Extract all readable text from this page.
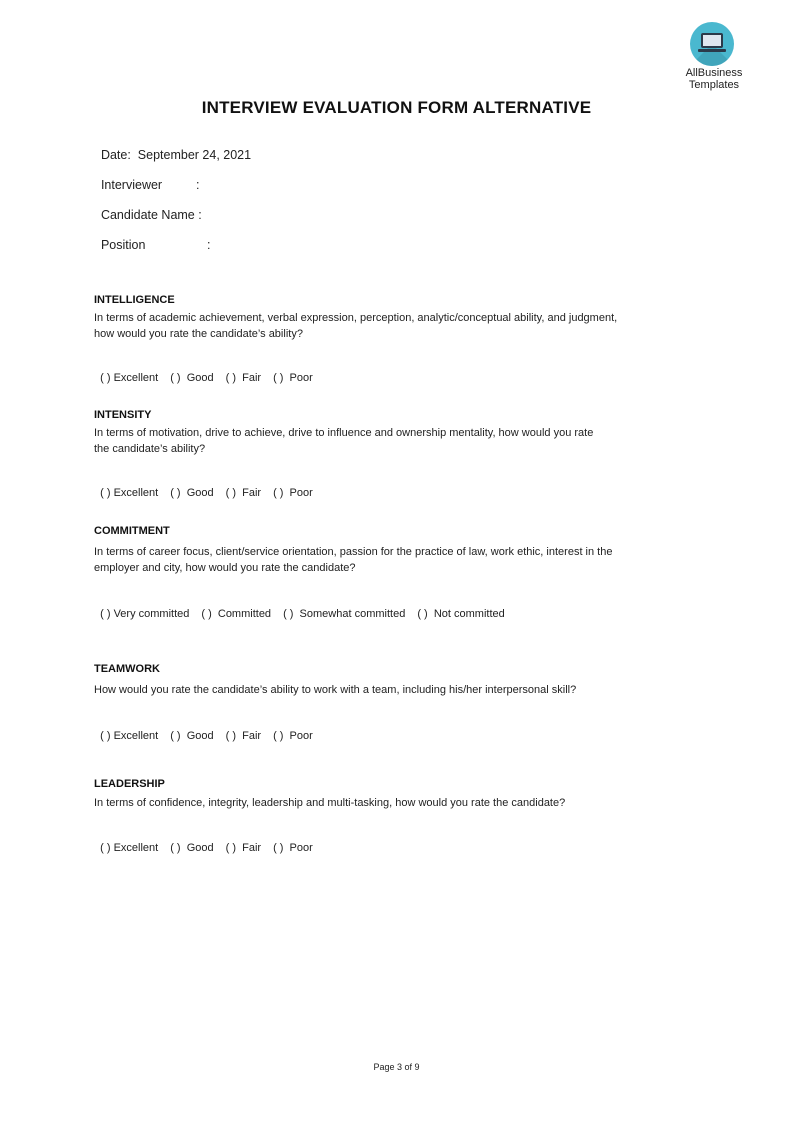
AllBusiness
Templates
INTERVIEW EVALUATION FORM ALTERNATIVE

Date: September 24, 2021

Interviewer	:

Candidate Name :

Position	:

INTELLIGENCE
In terms of academic achievement, verbal expression, perception, analytic/conceptual ability, and judgment,
how would you rate the candidate’s ability?

( ) Excellent ( )  Good ( )  Fair ( )  Poor

INTENSITY
In terms of motivation, drive to achieve, drive to influence and ownership mentality, how would you rate
the candidate’s ability?

( ) Excellent ( )  Good ( )  Fair ( )  Poor

COMMITMENT
In terms of career focus, client/service orientation, passion for the practice of law, work ethic, interest in the
employer and city, how would you rate the candidate?

( ) Very committed ( )  Committed ( )  Somewhat committed ( )  Not committed

TEAMWORK
How would you rate the candidate’s ability to work with a team, including his/her interpersonal skill?

( ) Excellent ( )  Good ( )  Fair ( )  Poor

LEADERSHIP
In terms of confidence, integrity, leadership and multi-tasking, how would you rate the candidate?

( ) Excellent ( )  Good ( )  Fair ( )  Poor

Page 3 of 9
